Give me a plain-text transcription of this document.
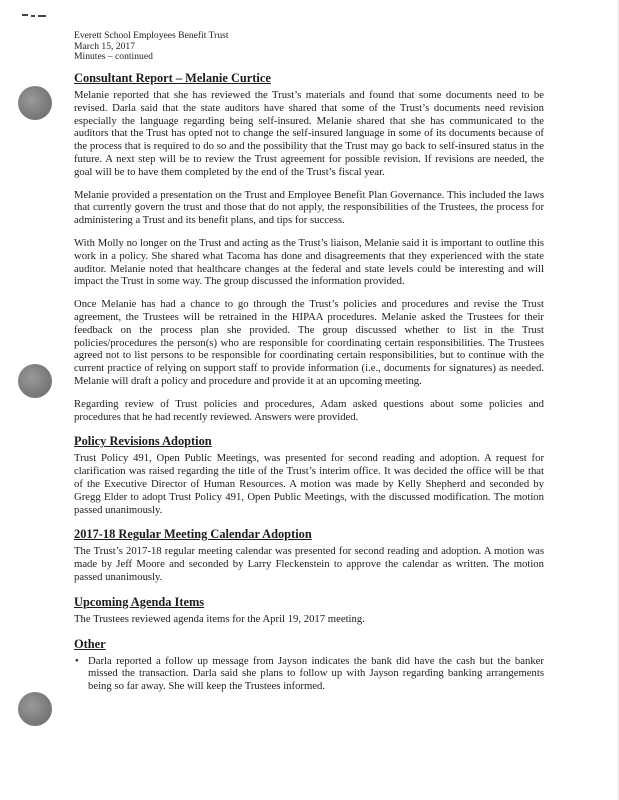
Everett School Employees Benefit Trust
March 15, 2017
Minutes – continued
Consultant Report – Melanie Curtice

Melanie reported that she has reviewed the Trust’s materials and found that some documents need to be revised. Darla said that the state auditors have shared that some of the Trust’s documents need revision especially the language regarding being self-insured. Melanie shared that she has communicated to the auditors that the Trust has opted not to change the self-insured language in some of its documents because of the process that is required to do so and the possibility that the Trust may go back to self-insured status in the future. A next step will be to review the Trust agreement for possible revision. If revisions are needed, the goal will be to have them completed by the end of the Trust’s fiscal year.

Melanie provided a presentation on the Trust and Employee Benefit Plan Governance. This included the laws that currently govern the trust and those that do not apply, the responsibilities of the Trustees, the process for administering a Trust and its benefit plans, and tips for success.

With Molly no longer on the Trust and acting as the Trust’s liaison, Melanie said it is important to outline this work in a policy. She shared what Tacoma has done and disagreements that they experienced with the state auditor. Melanie noted that healthcare changes at the federal and state levels could be interesting and will impact the Trust in some way. The group discussed the information provided.

Once Melanie has had a chance to go through the Trust’s policies and procedures and revise the Trust agreement, the Trustees will be retrained in the HIPAA procedures. Melanie asked the Trustees for their feedback on the process plan she provided. The group discussed whether to list in the Trust policies/procedures the person(s) who are responsible for coordinating certain responsibilities. The Trustees agreed not to list persons to be responsible for coordinating certain responsibilities, but to continue with the current practice of relying on support staff to provide information (i.e., documents for signatures) as needed. Melanie will draft a policy and procedure and provide it at an upcoming meeting.

Regarding review of Trust policies and procedures, Adam asked questions about some policies and procedures that he had recently reviewed. Answers were provided.

Policy Revisions Adoption

Trust Policy 491, Open Public Meetings, was presented for second reading and adoption. A request for clarification was raised regarding the title of the Trust’s interim office. It was decided the office will be that of the Executive Director of Human Resources. A motion was made by Kelly Shepherd and seconded by Gregg Elder to adopt Trust Policy 491, Open Public Meetings, with the discussed modification. The motion passed unanimously.

2017-18 Regular Meeting Calendar Adoption

The Trust’s 2017-18 regular meeting calendar was presented for second reading and adoption. A motion was made by Jeff Moore and seconded by Larry Fleckenstein to approve the calendar as written. The motion passed unanimously.

Upcoming Agenda Items

The Trustees reviewed agenda items for the April 19, 2017 meeting.

Other
• Darla reported a follow up message from Jayson indicates the bank did have the cash but the banker missed the transaction. Darla said she plans to follow up with Jayson regarding banking arrangements being so far away. She will keep the Trustees informed.
